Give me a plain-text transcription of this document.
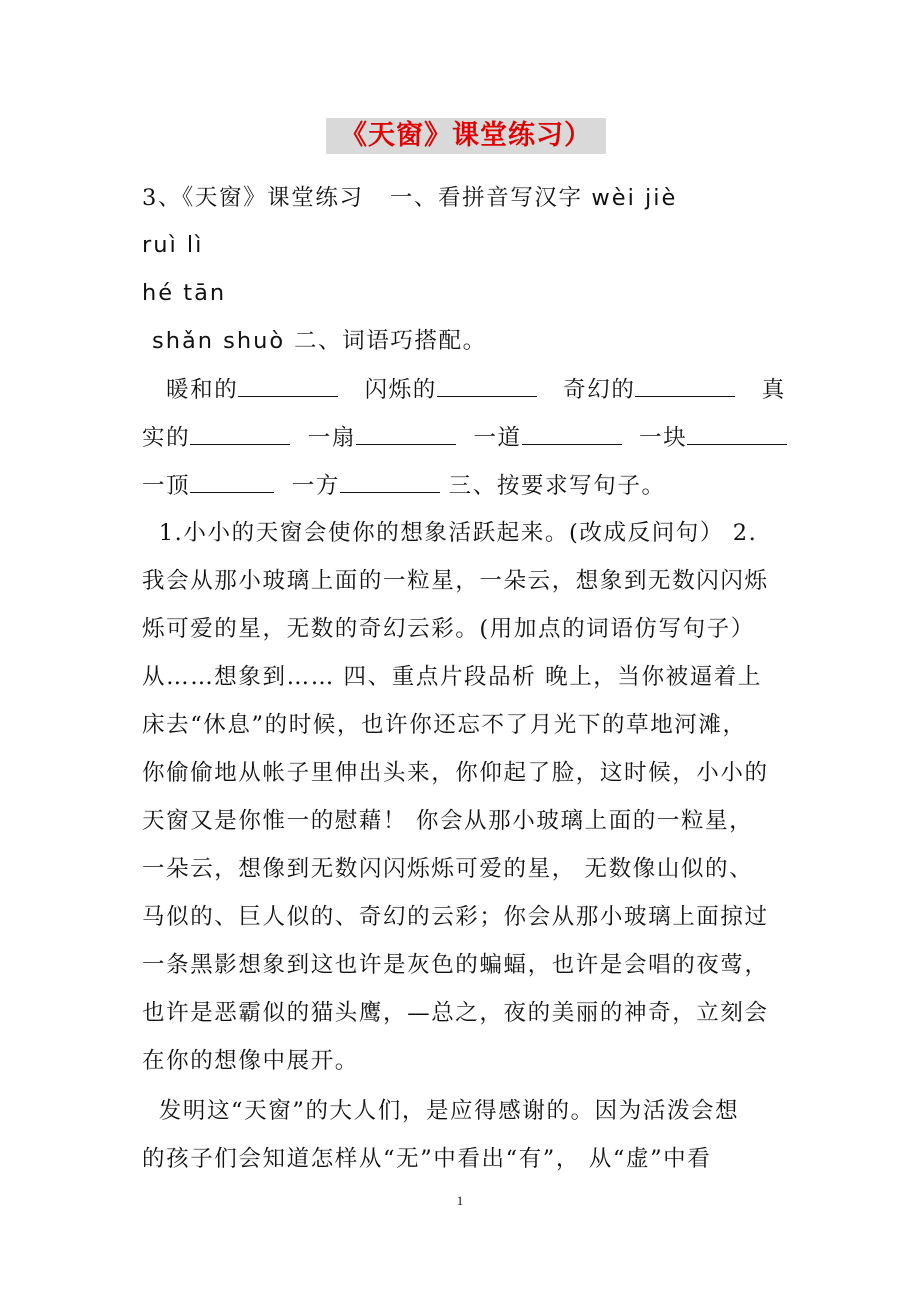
《天窗》课堂练习）
3、《天窗》课堂练习   一、看拼音写汉字 wèi jiè
ruì lì
hé tān
shǎn shuò 二、词语巧搭配。
暖和的	闪烁的	奇幻的	真
实的	一扇	一道	一块
一顶	一方	三、按要求写句子。
1.小小的天窗会使你的想象活跃起来。(改成反问句） 2.
我会从那小玻璃上面的一粒星，一朵云，想象到无数闪闪烁
烁可爱的星，无数的奇幻云彩。(用加点的词语仿写句子）
从……想象到…… 四、重点片段品析 晚上，当你被逼着上
床去“休息”的时候，也许你还忘不了月光下的草地河滩，
你偷偷地从帐子里伸出头来，你仰起了脸，这时候，小小的
天窗又是你惟一的慰藉！ 你会从那小玻璃上面的一粒星，
一朵云，想像到无数闪闪烁烁可爱的星， 无数像山似的、
马似的、巨人似的、奇幻的云彩；你会从那小玻璃上面掠过
一条黑影想象到这也许是灰色的蝙蝠，也许是会唱的夜莺，
也许是恶霸似的猫头鹰，—总之，夜的美丽的神奇，立刻会
在你的想像中展开。
发明这“天窗”的大人们，是应得感谢的。因为活泼会想
的孩子们会知道怎样从“无”中看出“有”， 从“虚”中看
1
